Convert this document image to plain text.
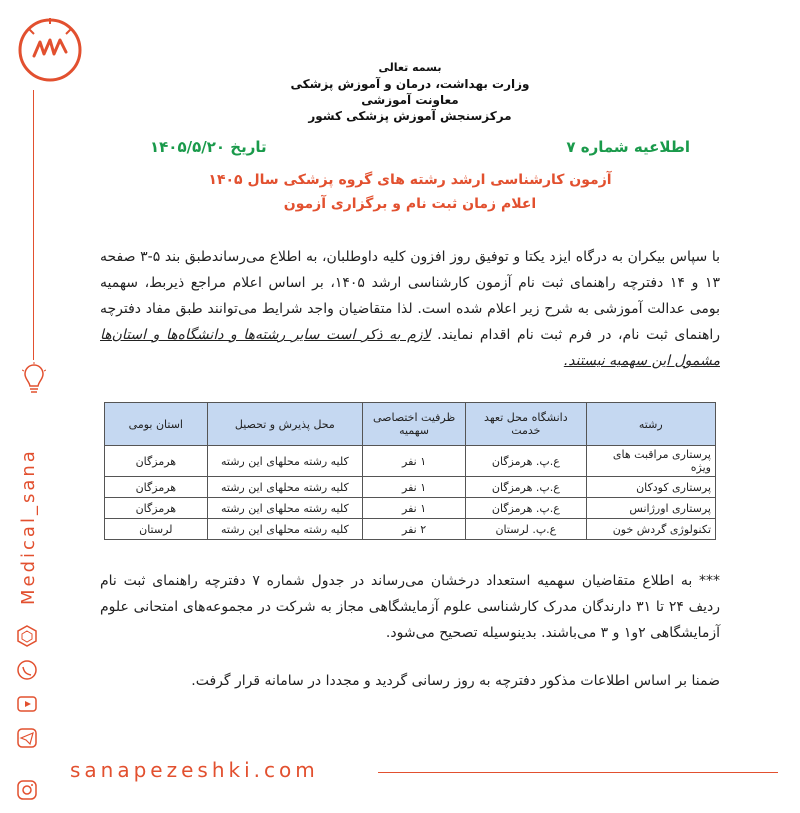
Medical_sana

sanapezeshki.com
بسمه تعالی
وزارت بهداشت، درمان و آموزش پزشکی
معاونت آموزشی
مرکزسنجش آموزش پزشکی کشور
اطلاعیه شماره ۷
تاریخ ۱۴۰۵/۵/۲۰
آزمون کارشناسی ارشد رشته های گروه پزشکی سال ۱۴۰۵
اعلام زمان ثبت نام و برگزاری آزمون
با سپاس بیکران به درگاه ایزد یکتا و توفیق روز افزون کلیه داوطلبان، به اطلاع می‌رساندطبق بند ۵-۳ صفحه ۱۳ و ۱۴ دفترچه راهنمای ثبت نام آزمون کارشناسی ارشد ۱۴۰۵، بر اساس اعلام مراجع ذیربط، سهمیه بومی عدالت آموزشی به شرح زیر اعلام شده است. لذا متقاضیان واجد شرایط می‌توانند طبق مفاد دفترچه راهنمای ثبت نام، در فرم ثبت نام اقدام نمایند. لازم به ذکر است سایر رشته‌ها و دانشگاه‌ها و استان‌ها مشمول این سهمیه نیستند.
رشته	دانشگاه محل تعهد خدمت	ظرفیت اختصاصی سهمیه	محل پذیرش و تحصیل	استان بومی
پرستاری مراقبت های ویژه	ع.پ. هرمزگان	۱ نفر	کلیه رشته محلهای این رشته	هرمزگان
پرستاری کودکان	ع.پ. هرمزگان	۱ نفر	کلیه رشته محلهای این رشته	هرمزگان
پرستاری اورژانس	ع.پ. هرمزگان	۱ نفر	کلیه رشته محلهای این رشته	هرمزگان
تکنولوژی گردش خون	ع.پ. لرستان	۲ نفر	کلیه رشته محلهای این رشته	لرستان
*** به اطلاع متقاضیان سهمیه استعداد درخشان می‌رساند در جدول شماره ۷ دفترچه راهنمای ثبت نام ردیف ۲۴ تا ۳۱ دارندگان مدرک کارشناسی علوم آزمایشگاهی مجاز به شرکت در مجموعه‌های امتحانی علوم آزمایشگاهی ۲و۱ و ۳ می‌باشند. بدینوسیله تصحیح می‌شود.
ضمنا بر اساس اطلاعات مذکور دفترچه به روز رسانی گردید و مجددا در سامانه قرار گرفت.
